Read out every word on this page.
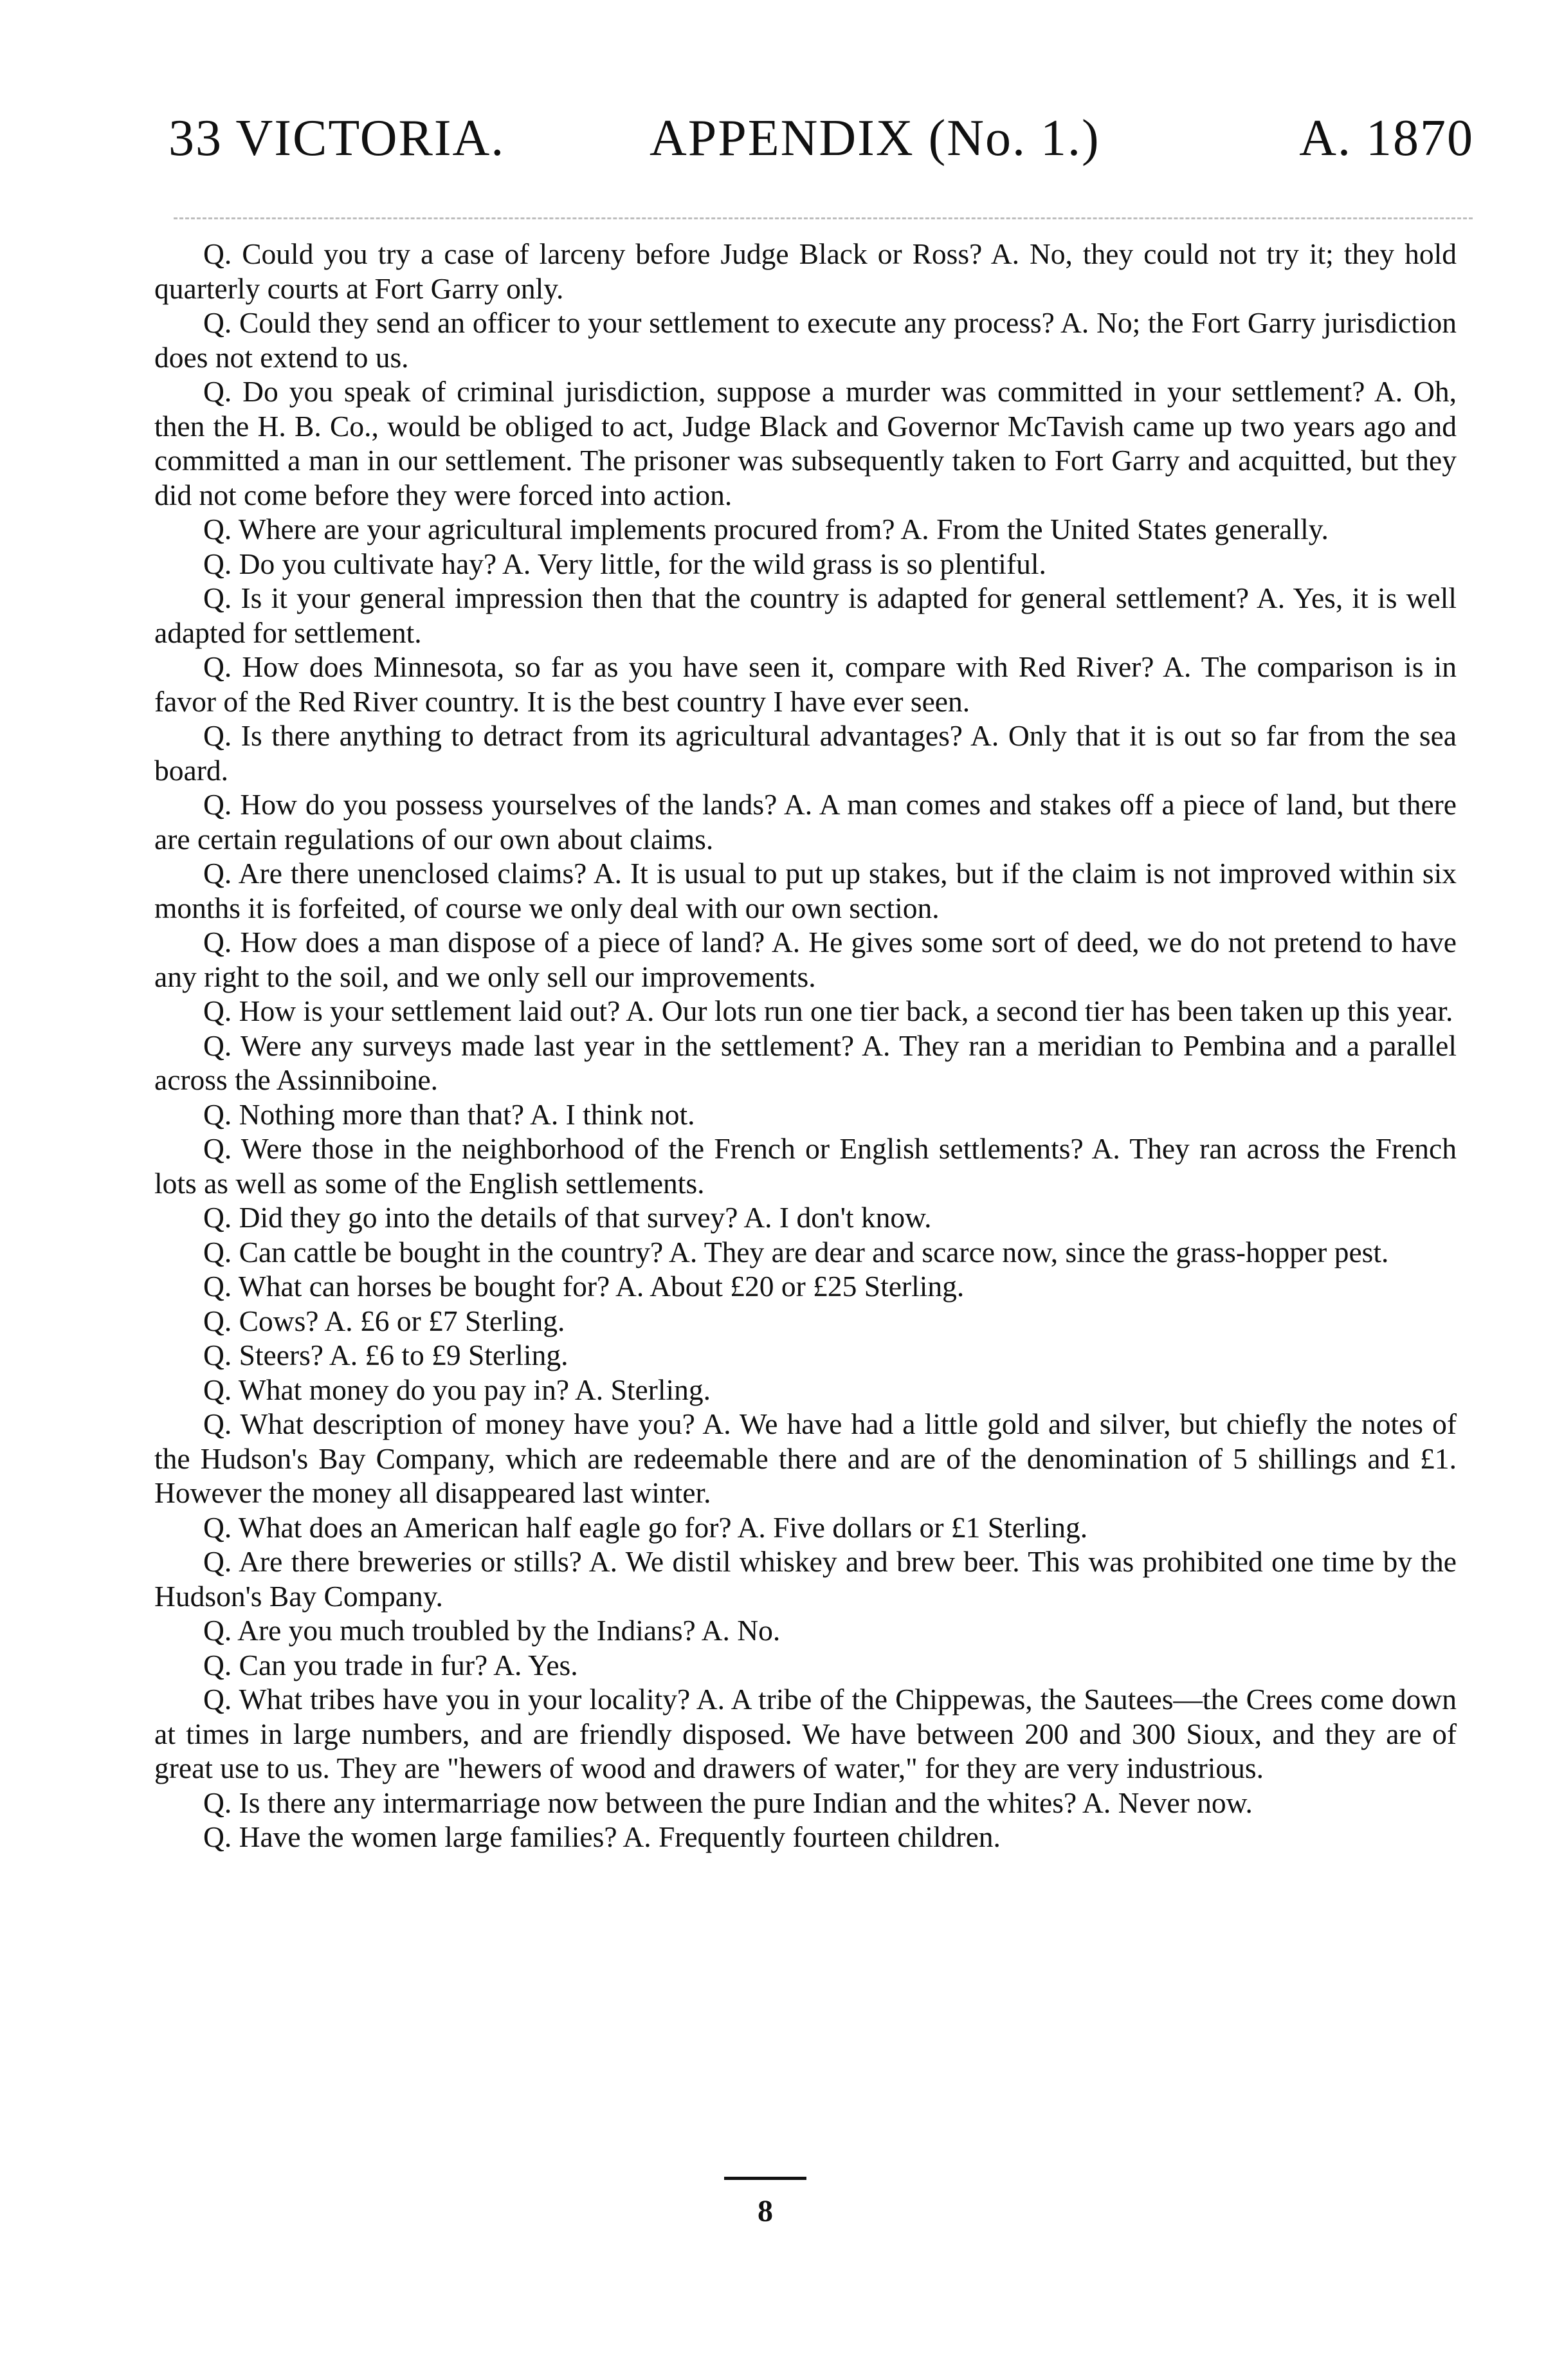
33 VICTORIA.	APPENDIX (No. 1.)	A. 1870

Q. Could you try a case of larceny before Judge Black or Ross? A. No, they could not try it; they hold quarterly courts at Fort Garry only.

Q. Could they send an officer to your settlement to execute any process? A. No; the Fort Garry jurisdiction does not extend to us.

Q. Do you speak of criminal jurisdiction, suppose a murder was committed in your settlement? A. Oh, then the H. B. Co., would be obliged to act, Judge Black and Governor McTavish came up two years ago and committed a man in our settlement. The prisoner was subsequently taken to Fort Garry and acquitted, but they did not come before they were forced into action.

Q. Where are your agricultural implements procured from? A. From the United States generally.

Q. Do you cultivate hay? A. Very little, for the wild grass is so plentiful.

Q. Is it your general impression then that the country is adapted for general settlement? A. Yes, it is well adapted for settlement.

Q. How does Minnesota, so far as you have seen it, compare with Red River? A. The comparison is in favor of the Red River country. It is the best country I have ever seen.

Q. Is there anything to detract from its agricultural advantages? A. Only that it is out so far from the sea board.

Q. How do you possess yourselves of the lands? A. A man comes and stakes off a piece of land, but there are certain regulations of our own about claims.

Q. Are there unenclosed claims? A. It is usual to put up stakes, but if the claim is not improved within six months it is forfeited, of course we only deal with our own section.

Q. How does a man dispose of a piece of land? A. He gives some sort of deed, we do not pretend to have any right to the soil, and we only sell our improvements.

Q. How is your settlement laid out? A. Our lots run one tier back, a second tier has been taken up this year.

Q. Were any surveys made last year in the settlement? A. They ran a meridian to Pembina and a parallel across the Assinniboine.

Q. Nothing more than that? A. I think not.

Q. Were those in the neighborhood of the French or English settlements? A. They ran across the French lots as well as some of the English settlements.

Q. Did they go into the details of that survey? A. I don't know.

Q. Can cattle be bought in the country? A. They are dear and scarce now, since the grass-hopper pest.

Q. What can horses be bought for? A. About £20 or £25 Sterling.

Q. Cows? A. £6 or £7 Sterling.

Q. Steers? A. £6 to £9 Sterling.

Q. What money do you pay in? A. Sterling.

Q. What description of money have you? A. We have had a little gold and silver, but chiefly the notes of the Hudson's Bay Company, which are redeemable there and are of the denomination of 5 shillings and £1. However the money all disappeared last winter.

Q. What does an American half eagle go for? A. Five dollars or £1 Sterling.

Q. Are there breweries or stills? A. We distil whiskey and brew beer. This was prohibited one time by the Hudson's Bay Company.

Q. Are you much troubled by the Indians? A. No.

Q. Can you trade in fur? A. Yes.

Q. What tribes have you in your locality? A. A tribe of the Chippewas, the Sautees—the Crees come down at times in large numbers, and are friendly disposed. We have between 200 and 300 Sioux, and they are of great use to us. They are "hewers of wood and drawers of water," for they are very industrious.

Q. Is there any intermarriage now between the pure Indian and the whites? A. Never now.

Q. Have the women large families? A. Frequently fourteen children.

8
